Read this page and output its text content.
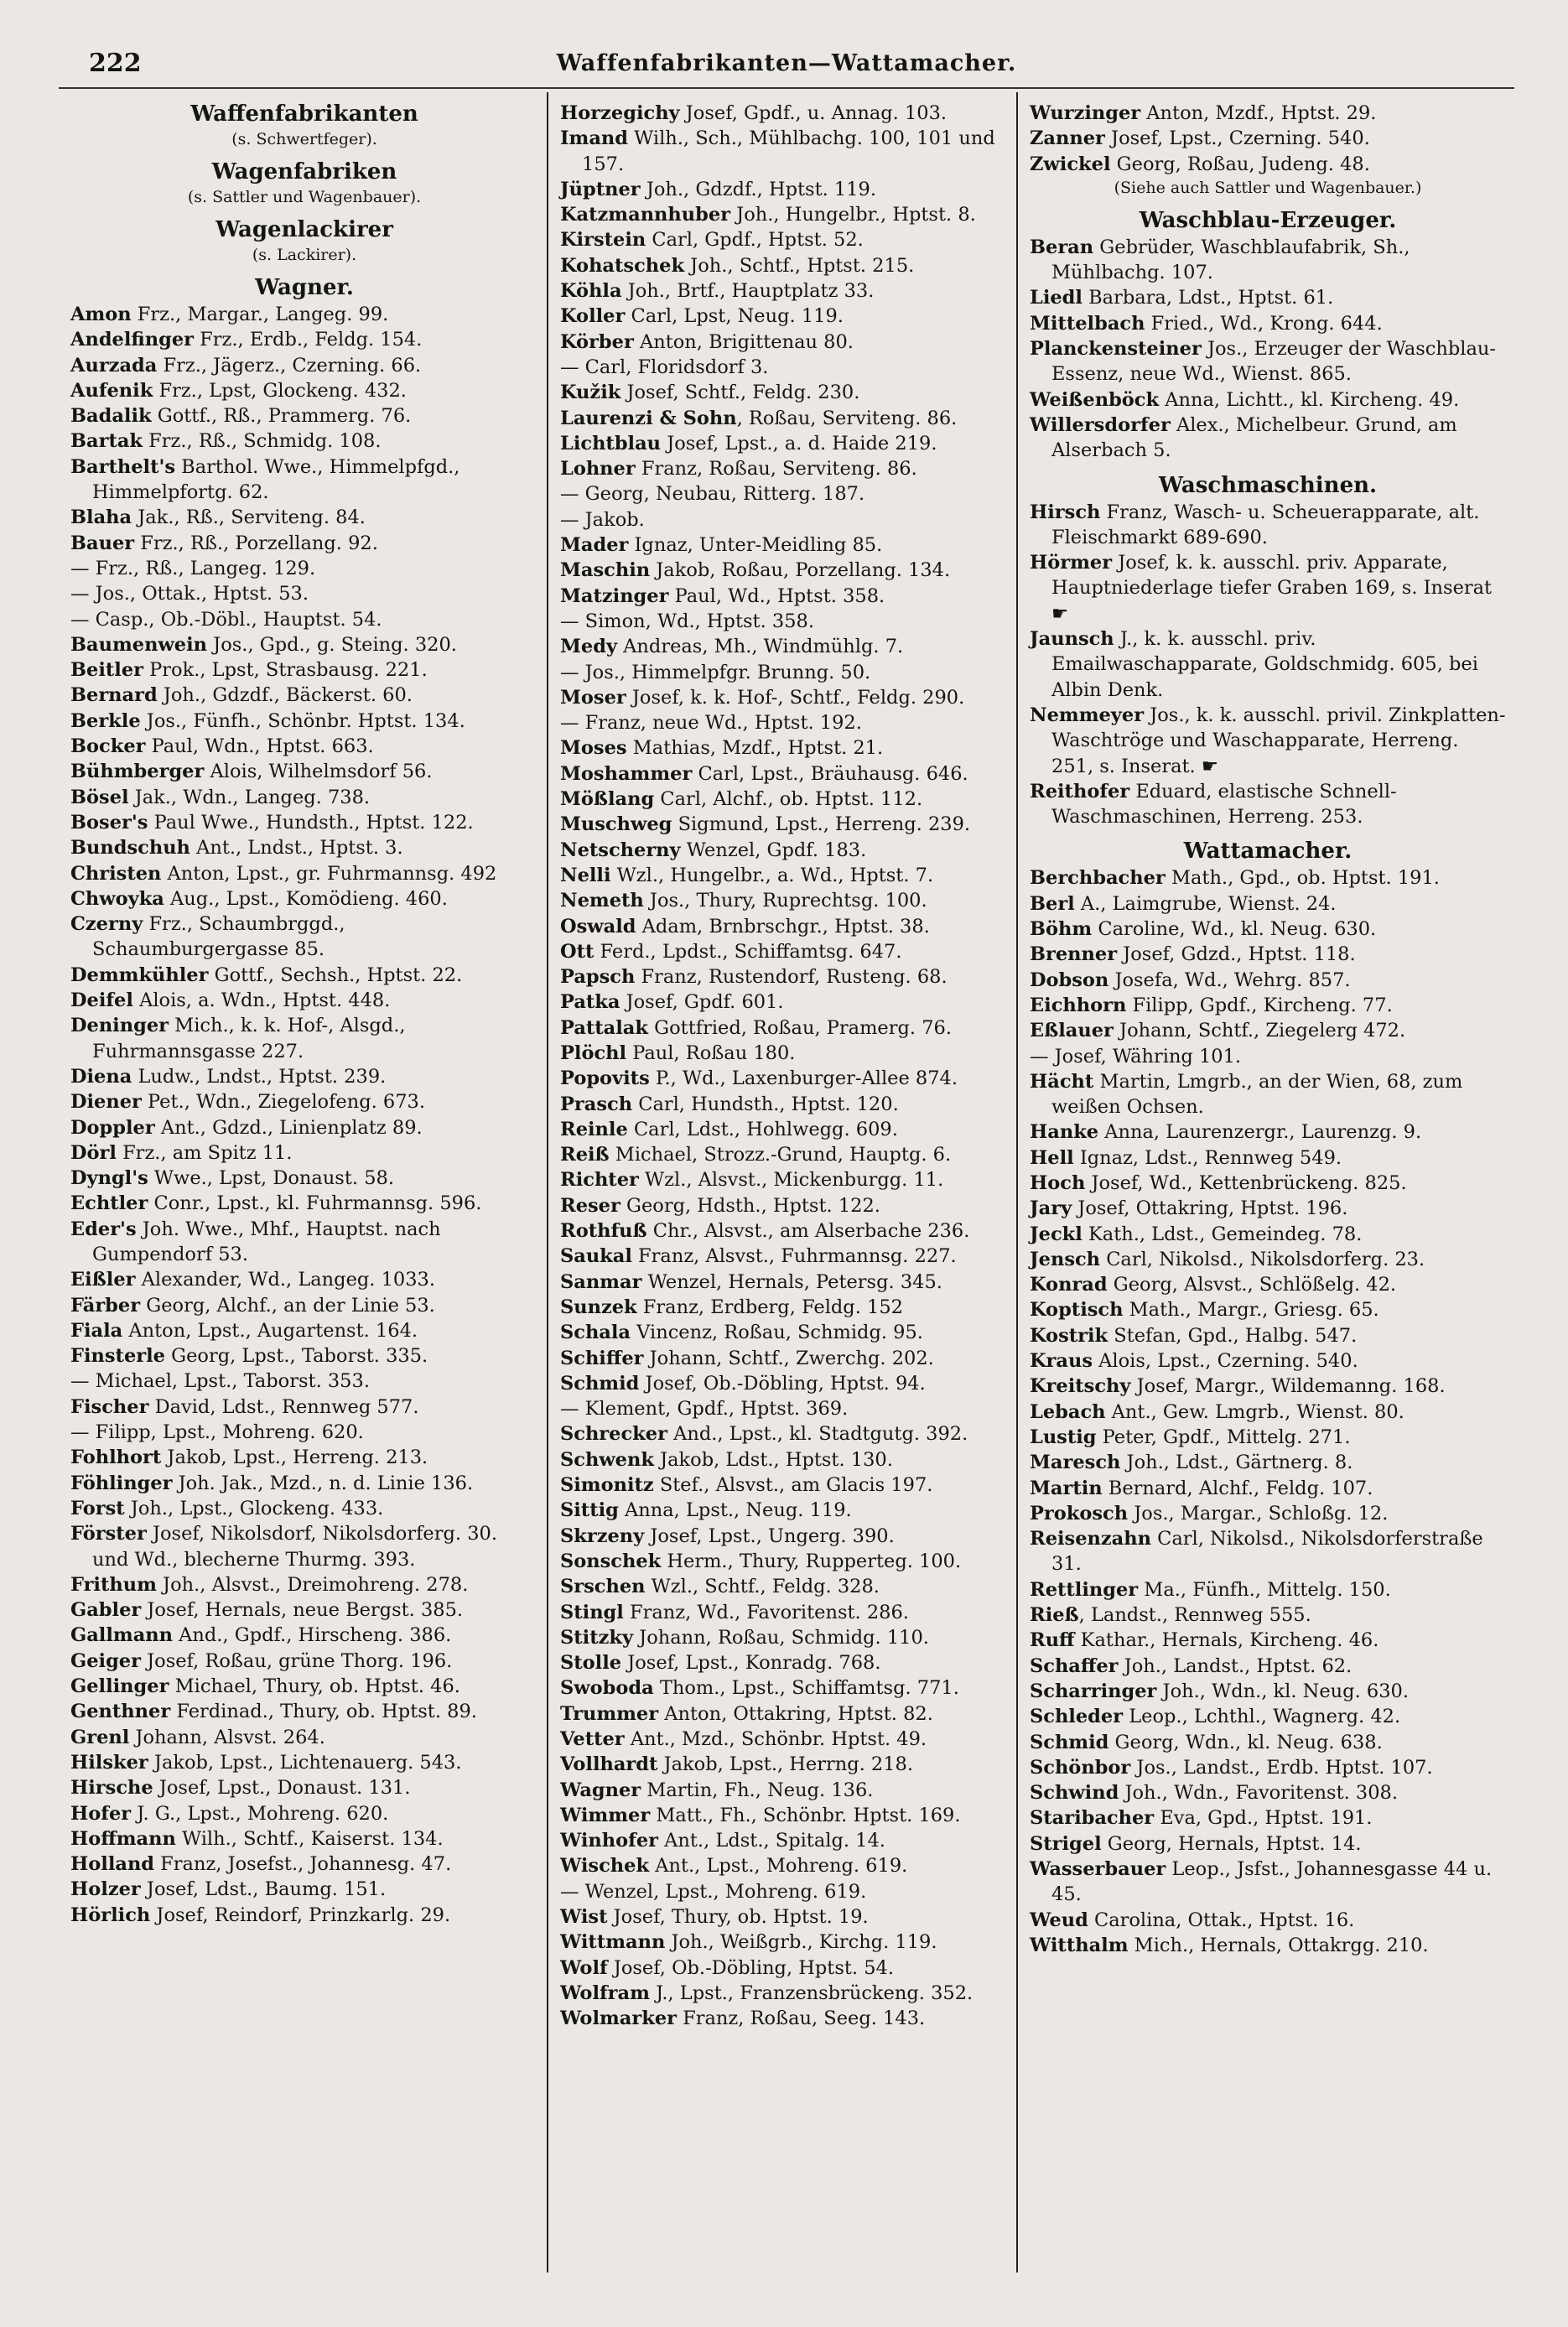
222	Waffenfabrikanten—Wattamacher.
Waffenfabrikanten
(s. Schwertfeger).
Wagenfabriken
(s. Sattler und Wagenbauer).
Wagenlackirer
(s. Lackirer).
Wagner.
Amon Frz., Margar., Langeg. 99.
Andelfinger Frz., Erdb., Feldg. 154.
Aurzada Frz., Jägerz., Czerning. 66.
Aufenik Frz., Lpst, Glockeng. 432.
Badalik Gottf., Rß., Prammerg. 76.
Bartak Frz., Rß., Schmidg. 108.
Barthelt's Barthol. Wwe., Himmelpfgd., Himmelpfortg. 62.
Blaha Jak., Rß., Serviteng. 84.
Bauer Frz., Rß., Porzellang. 92.
— Frz., Rß., Langeg. 129.
— Jos., Ottak., Hptst. 53.
— Casp., Ob.-Döbl., Hauptst. 54.
Baumenwein Jos., Gpd., g. Steing. 320.
Beitler Prok., Lpst, Strasbausg. 221.
Bernard Joh., Gdzdf., Bäckerst. 60.
Berkle Jos., Fünfh., Schönbr. Hptst. 134.
Bocker Paul, Wdn., Hptst. 663.
Bühmberger Alois, Wilhelmsdorf 56.
Bösel Jak., Wdn., Langeg. 738.
Boser's Paul Wwe., Hundsth., Hptst. 122.
Bundschuh Ant., Lndst., Hptst. 3.
Christen Anton, Lpst., gr. Fuhrmannsg. 492
Chwoyka Aug., Lpst., Komödieng. 460.
Czerny Frz., Schaumbrggd., Schaumburgergasse 85.
Demmkühler Gottf., Sechsh., Hptst. 22.
Deifel Alois, a. Wdn., Hptst. 448.
Deninger Mich., k. k. Hof-, Alsgd., Fuhrmannsgasse 227.
Diena Ludw., Lndst., Hptst. 239.
Diener Pet., Wdn., Ziegelofeng. 673.
Doppler Ant., Gdzd., Linienplatz 89.
Dörl Frz., am Spitz 11.
Dyngl's Wwe., Lpst, Donaust. 58.
Echtler Conr., Lpst., kl. Fuhrmannsg. 596.
Eder's Joh. Wwe., Mhf., Hauptst. nach Gumpendorf 53.
Eißler Alexander, Wd., Langeg. 1033.
Färber Georg, Alchf., an der Linie 53.
Fiala Anton, Lpst., Augartenst. 164.
Finsterle Georg, Lpst., Taborst. 335.
— Michael, Lpst., Taborst. 353.
Fischer David, Ldst., Rennweg 577.
— Filipp, Lpst., Mohreng. 620.
Fohlhort Jakob, Lpst., Herreng. 213.
Föhlinger Joh. Jak., Mzd., n. d. Linie 136.
Forst Joh., Lpst., Glockeng. 433.
Förster Josef, Nikolsdorf, Nikolsdorferg. 30. und Wd., blecherne Thurmg. 393.
Frithum Joh., Alsvst., Dreimohreng. 278.
Gabler Josef, Hernals, neue Bergst. 385.
Gallmann And., Gpdf., Hirscheng. 386.
Geiger Josef, Roßau, grüne Thorg. 196.
Gellinger Michael, Thury, ob. Hptst. 46.
Genthner Ferdinad., Thury, ob. Hptst. 89.
Grenl Johann, Alsvst. 264.
Hilsker Jakob, Lpst., Lichtenauerg. 543.
Hirsche Josef, Lpst., Donaust. 131.
Hofer J. G., Lpst., Mohreng. 620.
Hoffmann Wilh., Schtf., Kaiserst. 134.
Holland Franz, Josefst., Johannesg. 47.
Holzer Josef, Ldst., Baumg. 151.
Hörlich Josef, Reindorf, Prinzkarlg. 29.
Horzegichy Josef, Gpdf., u. Annag. 103.
Imand Wilh., Sch., Mühlbachg. 100, 101 und 157.
Jüptner Joh., Gdzdf., Hptst. 119.
Katzmannhuber Joh., Hungelbr., Hptst. 8.
Kirstein Carl, Gpdf., Hptst. 52.
Kohatschek Joh., Schtf., Hptst. 215.
Köhla Joh., Brtf., Hauptplatz 33.
Koller Carl, Lpst, Neug. 119.
Körber Anton, Brigittenau 80.
— Carl, Floridsdorf 3.
Kužik Josef, Schtf., Feldg. 230.
Laurenzi & Sohn, Roßau, Serviteng. 86.
Lichtblau Josef, Lpst., a. d. Haide 219.
Lohner Franz, Roßau, Serviteng. 86.
— Georg, Neubau, Ritterg. 187.
— Jakob.
Mader Ignaz, Unter-Meidling 85.
Maschin Jakob, Roßau, Porzellang. 134.
Matzinger Paul, Wd., Hptst. 358.
— Simon, Wd., Hptst. 358.
Medy Andreas, Mh., Windmühlg. 7.
— Jos., Himmelpfgr. Brunng. 50.
Moser Josef, k. k. Hof-, Schtf., Feldg. 290.
— Franz, neue Wd., Hptst. 192.
Moses Mathias, Mzdf., Hptst. 21.
Moshammer Carl, Lpst., Bräuhausg. 646.
Mößlang Carl, Alchf., ob. Hptst. 112.
Muschweg Sigmund, Lpst., Herreng. 239.
Netscherny Wenzel, Gpdf. 183.
Nelli Wzl., Hungelbr., a. Wd., Hptst. 7.
Nemeth Jos., Thury, Ruprechtsg. 100.
Oswald Adam, Brnbrschgr., Hptst. 38.
Ott Ferd., Lpdst., Schiffamtsg. 647.
Papsch Franz, Rustendorf, Rusteng. 68.
Patka Josef, Gpdf. 601.
Pattalak Gottfried, Roßau, Pramerg. 76.
Plöchl Paul, Roßau 180.
Popovits P., Wd., Laxenburger-Allee 874.
Prasch Carl, Hundsth., Hptst. 120.
Reinle Carl, Ldst., Hohlwegg. 609.
Reiß Michael, Strozz.-Grund, Hauptg. 6.
Richter Wzl., Alsvst., Mickenburgg. 11.
Reser Georg, Hdsth., Hptst. 122.
Rothfuß Chr., Alsvst., am Alserbache 236.
Saukal Franz, Alsvst., Fuhrmannsg. 227.
Sanmar Wenzel, Hernals, Petersg. 345.
Sunzek Franz, Erdberg, Feldg. 152
Schala Vincenz, Roßau, Schmidg. 95.
Schiffer Johann, Schtf., Zwerchg. 202.
Schmid Josef, Ob.-Döbling, Hptst. 94.
— Klement, Gpdf., Hptst. 369.
Schrecker And., Lpst., kl. Stadtgutg. 392.
Schwenk Jakob, Ldst., Hptst. 130.
Simonitz Stef., Alsvst., am Glacis 197.
Sittig Anna, Lpst., Neug. 119.
Skrzeny Josef, Lpst., Ungerg. 390.
Sonschek Herm., Thury, Rupperteg. 100.
Srschen Wzl., Schtf., Feldg. 328.
Stingl Franz, Wd., Favoritenst. 286.
Stitzky Johann, Roßau, Schmidg. 110.
Stolle Josef, Lpst., Konradg. 768.
Swoboda Thom., Lpst., Schiffamtsg. 771.
Trummer Anton, Ottakring, Hptst. 82.
Vetter Ant., Mzd., Schönbr. Hptst. 49.
Vollhardt Jakob, Lpst., Herrng. 218.
Wagner Martin, Fh., Neug. 136.
Wimmer Matt., Fh., Schönbr. Hptst. 169.
Winhofer Ant., Ldst., Spitalg. 14.
Wischek Ant., Lpst., Mohreng. 619.
— Wenzel, Lpst., Mohreng. 619.
Wist Josef, Thury, ob. Hptst. 19.
Wittmann Joh., Weißgrb., Kirchg. 119.
Wolf Josef, Ob.-Döbling, Hptst. 54.
Wolfram J., Lpst., Franzensbrückeng. 352.
Wolmarker Franz, Roßau, Seeg. 143.
Wurzinger Anton, Mzdf., Hptst. 29.
Zanner Josef, Lpst., Czerning. 540.
Zwickel Georg, Roßau, Judeng. 48.
(Siehe auch Sattler und Wagenbauer.)
Waschblau-Erzeuger.
Beran Gebrüder, Waschblaufabrik, Sh., Mühlbachg. 107.
Liedl Barbara, Ldst., Hptst. 61.
Mittelbach Fried., Wd., Krong. 644.
Planckensteiner Jos., Erzeuger der Waschblau-Essenz, neue Wd., Wienst. 865.
Weißenböck Anna, Lichtt., kl. Kircheng. 49.
Willersdorfer Alex., Michelbeur. Grund, am Alserbach 5.
Waschmaschinen.
Hirsch Franz, Wasch- u. Scheuerapparate, alt. Fleischmarkt 689-690.
Hörmer Josef, k. k. ausschl. priv. Apparate, Hauptniederlage tiefer Graben 169, s. Inserat ☛
Jaunsch J., k. k. ausschl. priv. Emailwaschapparate, Goldschmidg. 605, bei Albin Denk.
Nemmeyer Jos., k. k. ausschl. privil. Zinkplatten-Waschtröge und Waschapparate, Herreng. 251, s. Inserat. ☛
Reithofer Eduard, elastische Schnell-Waschmaschinen, Herreng. 253.
Wattamacher.
Berchbacher Math., Gpd., ob. Hptst. 191.
Berl A., Laimgrube, Wienst. 24.
Böhm Caroline, Wd., kl. Neug. 630.
Brenner Josef, Gdzd., Hptst. 118.
Dobson Josefa, Wd., Wehrg. 857.
Eichhorn Filipp, Gpdf., Kircheng. 77.
Eßlauer Johann, Schtf., Ziegelerg 472.
— Josef, Währing 101.
Hächt Martin, Lmgrb., an der Wien, 68, zum weißen Ochsen.
Hanke Anna, Laurenzergr., Laurenzg. 9.
Hell Ignaz, Ldst., Rennweg 549.
Hoch Josef, Wd., Kettenbrückeng. 825.
Jary Josef, Ottakring, Hptst. 196.
Jeckl Kath., Ldst., Gemeindeg. 78.
Jensch Carl, Nikolsd., Nikolsdorferg. 23.
Konrad Georg, Alsvst., Schlößelg. 42.
Koptisch Math., Margr., Griesg. 65.
Kostrik Stefan, Gpd., Halbg. 547.
Kraus Alois, Lpst., Czerning. 540.
Kreitschy Josef, Margr., Wildemanng. 168.
Lebach Ant., Gew. Lmgrb., Wienst. 80.
Lustig Peter, Gpdf., Mittelg. 271.
Maresch Joh., Ldst., Gärtnerg. 8.
Martin Bernard, Alchf., Feldg. 107.
Prokosch Jos., Margar., Schloßg. 12.
Reisenzahn Carl, Nikolsd., Nikolsdorferstraße 31.
Rettlinger Ma., Fünfh., Mittelg. 150.
Rieß, Landst., Rennweg 555.
Ruff Kathar., Hernals, Kircheng. 46.
Schaffer Joh., Landst., Hptst. 62.
Scharringer Joh., Wdn., kl. Neug. 630.
Schleder Leop., Lchthl., Wagnerg. 42.
Schmid Georg, Wdn., kl. Neug. 638.
Schönbor Jos., Landst., Erdb. Hptst. 107.
Schwind Joh., Wdn., Favoritenst. 308.
Staribacher Eva, Gpd., Hptst. 191.
Strigel Georg, Hernals, Hptst. 14.
Wasserbauer Leop., Jsfst., Johannesgasse 44 u. 45.
Weud Carolina, Ottak., Hptst. 16.
Witthalm Mich., Hernals, Ottakrgg. 210.
